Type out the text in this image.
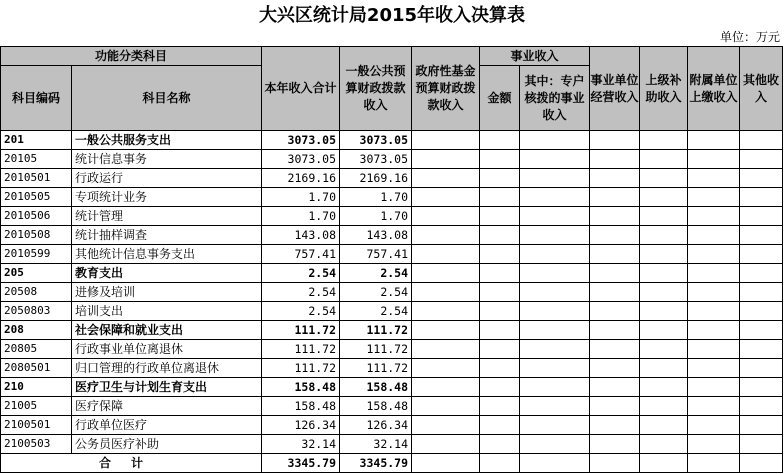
大兴区统计局2015年收入决算表
单位：万元
功能分类科目		本年收入合计	一般公共预算财政拨款收入	政府性基金预算财政拨款收入	事业收入		事业单位经营收入	上级补助收入	附属单位上缴收入	其他收入
科目编码	科目名称				金额	其中：专户核拨的事业收入				

201	一般公共服务支出	3073.05	3073.05							
20105	统计信息事务	3073.05	3073.05							
2010501	行政运行	2169.16	2169.16							
2010505	专项统计业务	1.70	1.70							
2010506	统计管理	1.70	1.70							
2010508	统计抽样调查	143.08	143.08							
2010599	其他统计信息事务支出	757.41	757.41							
205	教育支出	2.54	2.54							
20508	进修及培训	2.54	2.54							
2050803	培训支出	2.54	2.54							
208	社会保障和就业支出	111.72	111.72							
20805	行政事业单位离退休	111.72	111.72							
2080501	归口管理的行政单位离退休	111.72	111.72							
210	医疗卫生与计划生育支出	158.48	158.48							
21005	医疗保障	158.48	158.48							
2100501	行政单位医疗	126.34	126.34							
2100503	公务员医疗补助	32.14	32.14							
合计		3345.79	3345.79							
